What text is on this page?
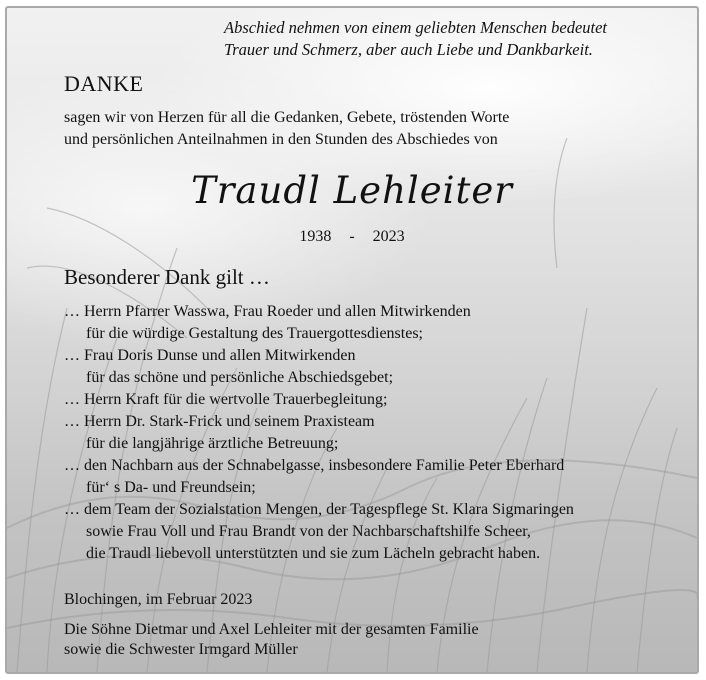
Abschied nehmen von einem geliebten Menschen bedeutet
Trauer und Schmerz, aber auch Liebe und Dankbarkeit.
DANKE
sagen wir von Herzen für all die Gedanken, Gebete, tröstenden Worte
und persönlichen Anteilnahmen in den Stunden des Abschiedes von
Traudl Lehleiter
1938 - 2023
Besonderer Dank gilt …
… Herrn Pfarrer Wasswa, Frau Roeder und allen Mitwirkenden
für die würdige Gestaltung des Trauergottesdienstes;
… Frau Doris Dunse und allen Mitwirkenden
für das schöne und persönliche Abschiedsgebet;
… Herrn Kraft für die wertvolle Trauerbegleitung;
… Herrn Dr. Stark-Frick und seinem Praxisteam
für die langjährige ärztliche Betreuung;
… den Nachbarn aus der Schnabelgasse, insbesondere Familie Peter Eberhard
für‘ s Da- und Freundsein;
… dem Team der Sozialstation Mengen, der Tagespflege St. Klara Sigmaringen
sowie Frau Voll und Frau Brandt von der Nachbarschaftshilfe Scheer,
die Traudl liebevoll unterstützten und sie zum Lächeln gebracht haben.
Blochingen, im Februar 2023
Die Söhne Dietmar und Axel Lehleiter mit der gesamten Familie
sowie die Schwester Irmgard Müller
